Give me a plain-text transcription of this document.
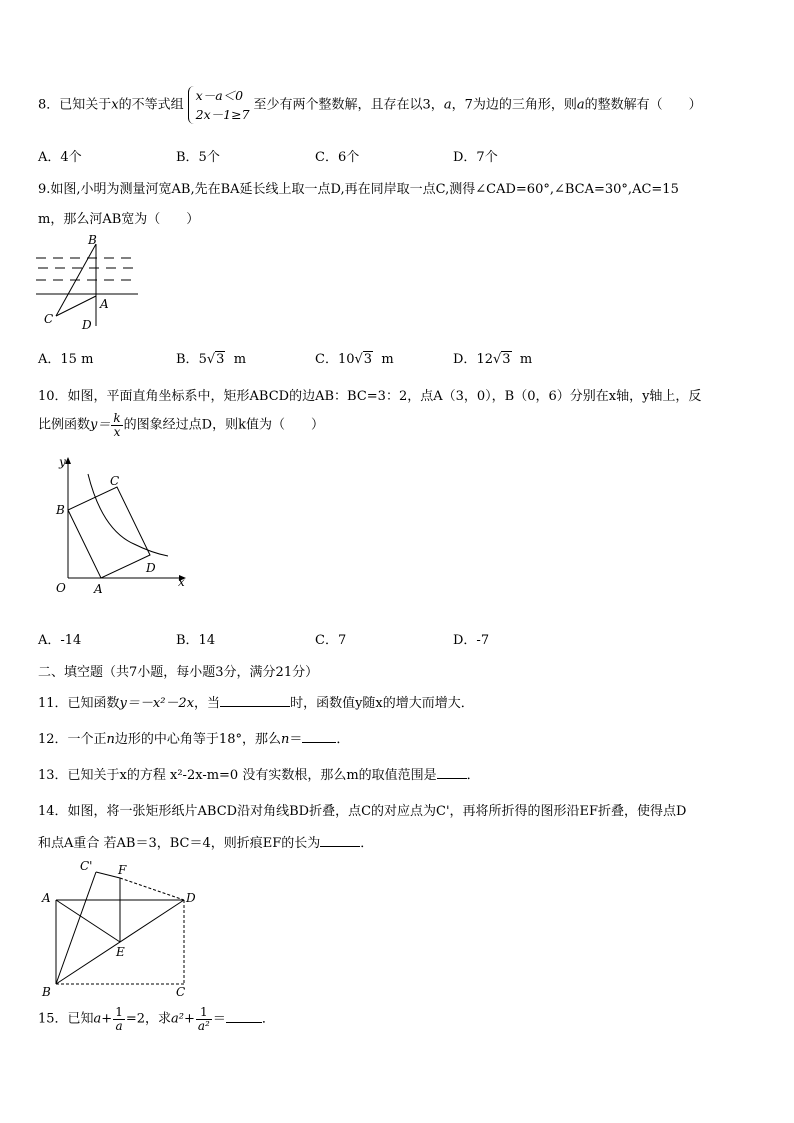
8．已知关于x的不等式组
x－a＜0
2x－1≥7
至少有两个整数解，且存在以3，a，7为边的三角形，则a的整数解有（　　）
A．4个	B．5个	C．6个	D．7个
9.如图,小明为测量河宽AB,先在BA延长线上取一点D,再在同岸取一点C,测得∠CAD=60°,∠BCA=30°,AC=15
m，那么河AB宽为（　　）
B
C
A
D
A．15 m	B．5√3 m	C．10√3 m	D．12√3 m
10．如图，平面直角坐标系中，矩形ABCD的边AB：BC=3：2，点A（3，0），B（0，6）分别在x轴，y轴上，反
比例函数$y= \frac{k}{x}$ 的图象经过点D，则k值为（　　）
y
x
O A
B
C
D
A．-14	B．14	C．7	D．-7
二、填空题（共7小题，每小题3分，满分21分）
11．已知函数y＝－x²－2x，当	时，函数值y随x的增大而增大．
12．一个正n边形的中心角等于18°，那么n＝	．
13．已知关于x的方程 x²-2x-m=0 没有实数根，那么m的取值范围是 ．
14．如图，将一张矩形纸片ABCD沿对角线BD折叠，点C的对应点为C'，再将所折得的图形沿EF折叠，使得点D
和点A重合 若AB＝3，BC＝4，则折痕EF的长为	．
C' F
A	D
E
B	C
15．已知$a+ \frac{1}{a} =2$，求$a^2+ \frac{1}{\text{a²}}$ ＝	．
